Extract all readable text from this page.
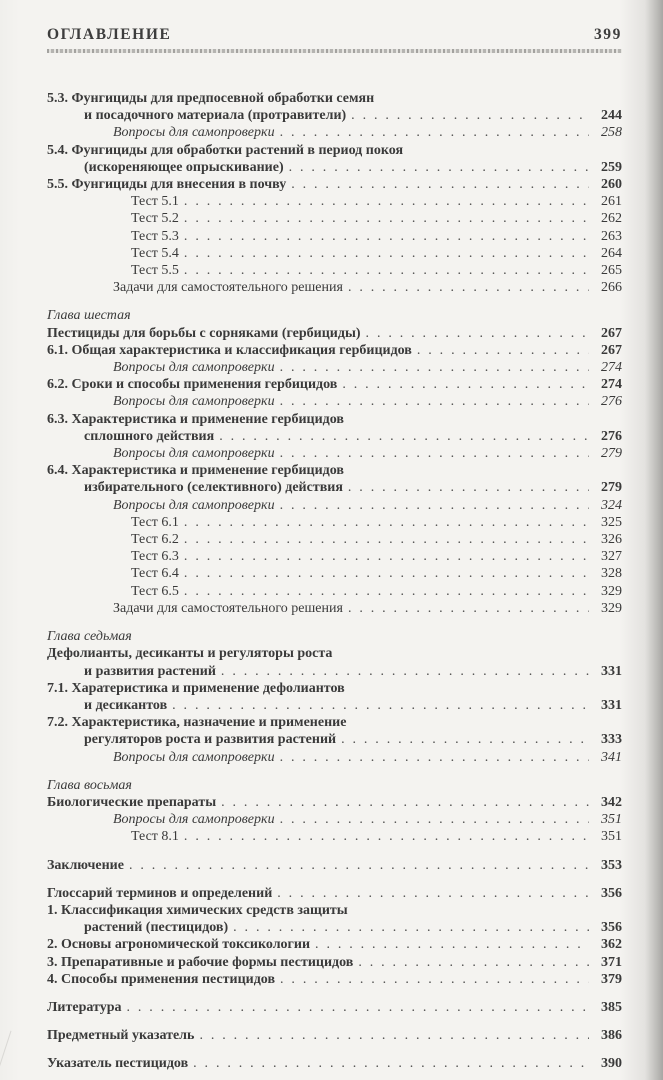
ОГЛАВЛЕНИЕ	399
5.3. Фунгициды для предпосевной обработки семян
и посадочного материала (протравители) . . .	244
Вопросы для самопроверки . . .	258
5.4. Фунгициды для обработки растений в период покоя
(искореняющее опрыскивание) . . .	259
5.5. Фунгициды для внесения в почву . . .	260
Тест 5.1 . . .	261
Тест 5.2 . . .	262
Тест 5.3 . . .	263
Тест 5.4 . . .	264
Тест 5.5 . . .	265
Задачи для самостоятельного решения . . .	266
Глава шестая
Пестициды для борьбы с сорняками (гербициды) . . .	267
6.1. Общая характеристика и классификация гербицидов . . .	267
Вопросы для самопроверки . . .	274
6.2. Сроки и способы применения гербицидов . . .	274
Вопросы для самопроверки . . .	276
6.3. Характеристика и применение гербицидов
сплошного действия . . .	276
Вопросы для самопроверки . . .	279
6.4. Характеристика и применение гербицидов
избирательного (селективного) действия . . .	279
Вопросы для самопроверки . . .	324
Тест 6.1 . . .	325
Тест 6.2 . . .	326
Тест 6.3 . . .	327
Тест 6.4 . . .	328
Тест 6.5 . . .	329
Задачи для самостоятельного решения . . .	329
Глава седьмая
Дефолианты, десиканты и регуляторы роста
и развития растений . . .	331
7.1. Харатеристика и применение дефолиантов
и десикантов . . .	331
7.2. Характеристика, назначение и применение
регуляторов роста и развития растений . . .	333
Вопросы для самопроверки . . .	341
Глава восьмая
Биологические препараты . . .	342
Вопросы для самопроверки . . .	351
Тест 8.1 . . .	351
Заключение . . .	353
Глоссарий терминов и определений . . .	356
1. Классификация химических средств защиты
растений (пестицидов) . . .	356
2. Основы агрономической токсикологии . . .	362
3. Препаративные и рабочие формы пестицидов . . .	371
4. Способы применения пестицидов . . .	379
Литература . . .	385
Предметный указатель . . .	386
Указатель пестицидов . . .	390
